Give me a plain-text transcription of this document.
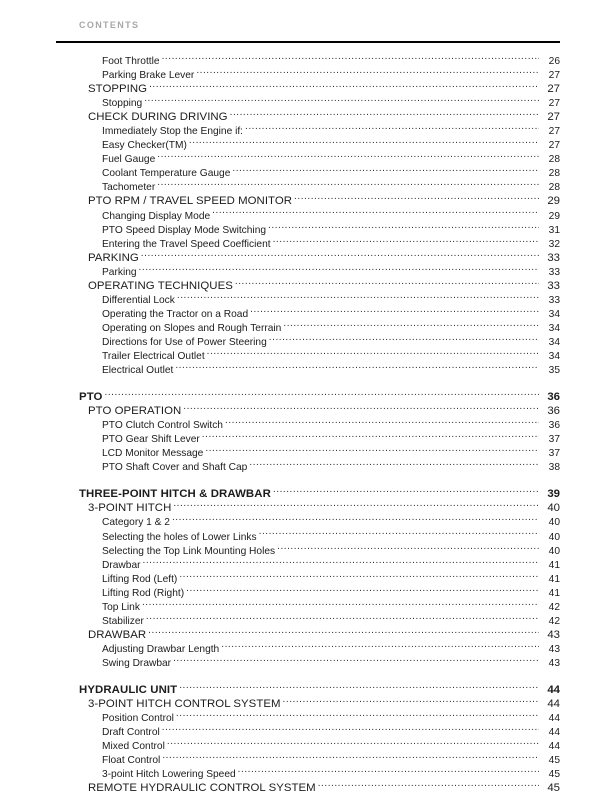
CONTENTS
Foot Throttle .....	26
Parking Brake Lever .....	27
STOPPING .....	27
Stopping .....	27
CHECK DURING DRIVING .....	27
Immediately Stop the Engine if: .....	27
Easy Checker(TM) .....	27
Fuel Gauge .....	28
Coolant Temperature Gauge .....	28
Tachometer .....	28
PTO RPM / TRAVEL SPEED MONITOR .....	29
Changing Display Mode .....	29
PTO Speed Display Mode Switching .....	31
Entering the Travel Speed Coefficient .....	32
PARKING .....	33
Parking .....	33
OPERATING TECHNIQUES .....	33
Differential Lock .....	33
Operating the Tractor on a Road .....	34
Operating on Slopes and Rough Terrain .....	34
Directions for Use of Power Steering .....	34
Trailer Electrical Outlet .....	34
Electrical Outlet .....	35
PTO .....	36
PTO OPERATION .....	36
PTO Clutch Control Switch .....	36
PTO Gear Shift Lever .....	37
LCD Monitor Message .....	37
PTO Shaft Cover and Shaft Cap .....	38
THREE-POINT HITCH & DRAWBAR .....	39
3-POINT HITCH .....	40
Category 1 & 2 .....	40
Selecting the holes of Lower Links .....	40
Selecting the Top Link Mounting Holes .....	40
Drawbar .....	41
Lifting Rod (Left) .....	41
Lifting Rod (Right) .....	41
Top Link .....	42
Stabilizer .....	42
DRAWBAR .....	43
Adjusting Drawbar Length .....	43
Swing Drawbar .....	43
HYDRAULIC UNIT .....	44
3-POINT HITCH CONTROL SYSTEM .....	44
Position Control .....	44
Draft Control .....	44
Mixed Control .....	44
Float Control .....	45
3-point Hitch Lowering Speed .....	45
REMOTE HYDRAULIC CONTROL SYSTEM .....	45
